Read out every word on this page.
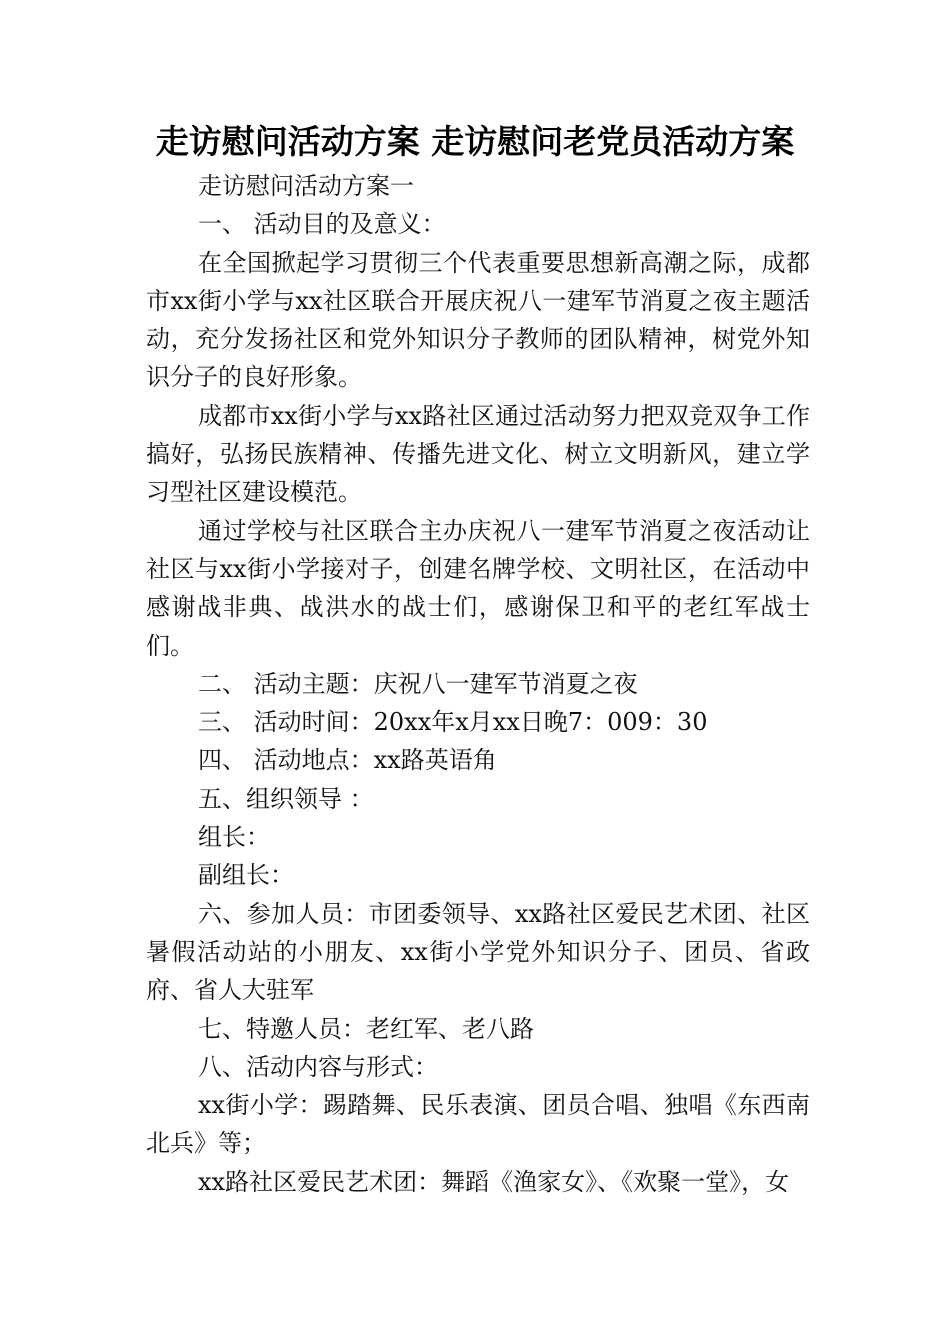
走访慰问活动方案 走访慰问老党员活动方案

走访慰问活动方案一

一、 活动目的及意义：

在全国掀起学习贯彻三个代表重要思想新高潮之际，成都市xx街小学与xx社区联合开展庆祝八一建军节消夏之夜主题活动，充分发扬社区和党外知识分子教师的团队精神，树党外知识分子的良好形象。

成都市xx街小学与xx路社区通过活动努力把双竞双争工作搞好，弘扬民族精神、传播先进文化、树立文明新风，建立学习型社区建设模范。

通过学校与社区联合主办庆祝八一建军节消夏之夜活动让社区与xx街小学接对子，创建名牌学校、文明社区，在活动中感谢战非典、战洪水的战士们，感谢保卫和平的老红军战士们。

二、 活动主题：庆祝八一建军节消夏之夜

三、 活动时间：20xx年x月xx日晚7：009：30

四、 活动地点：xx路英语角

五、组织领导 ：

组长：

副组长：

六、参加人员：市团委领导、xx路社区爱民艺术团、社区暑假活动站的小朋友、xx街小学党外知识分子、团员、省政府、省人大驻军

七、特邀人员：老红军、老八路

八、活动内容与形式：

xx街小学：踢踏舞、民乐表演、团员合唱、独唱《东西南北兵》等；

xx路社区爱民艺术团：舞蹈《渔家女》、《欢聚一堂》，女
